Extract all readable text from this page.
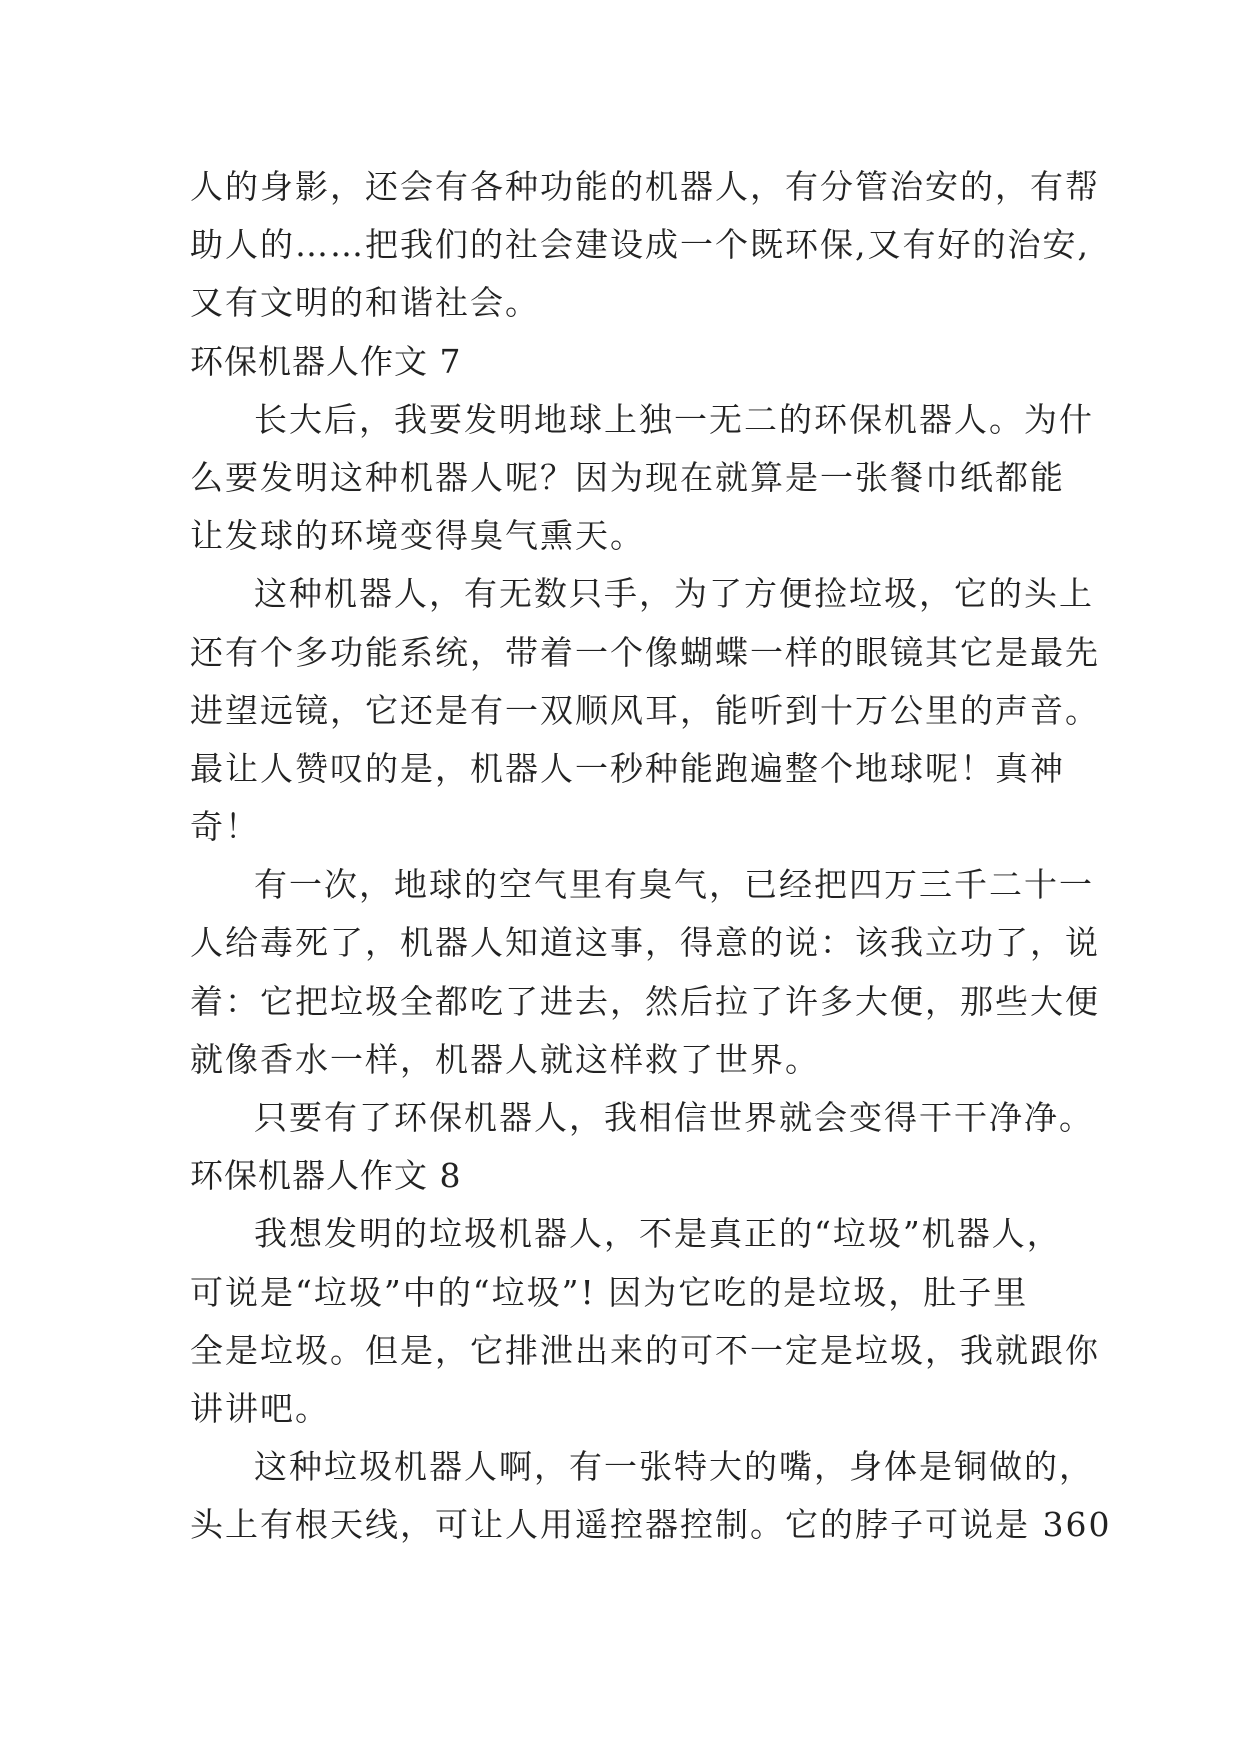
人的身影，还会有各种功能的机器人，有分管治安的，有帮
助人的……把我们的社会建设成一个既环保,又有好的治安,
又有文明的和谐社会。
环保机器人作文 7
长大后，我要发明地球上独一无二的环保机器人。为什
么要发明这种机器人呢？因为现在就算是一张餐巾纸都能
让发球的环境变得臭气熏天。
这种机器人，有无数只手，为了方便捡垃圾，它的头上
还有个多功能系统，带着一个像蝴蝶一样的眼镜其它是最先
进望远镜，它还是有一双顺风耳，能听到十万公里的声音。
最让人赞叹的是，机器人一秒种能跑遍整个地球呢！真神
奇！
有一次，地球的空气里有臭气，已经把四万三千二十一
人给毒死了，机器人知道这事，得意的说：该我立功了，说
着：它把垃圾全都吃了进去，然后拉了许多大便，那些大便
就像香水一样，机器人就这样救了世界。
只要有了环保机器人，我相信世界就会变得干干净净。
环保机器人作文 8
我想发明的垃圾机器人，不是真正的“垃圾”机器人，
可说是“垃圾”中的“垃圾”! 因为它吃的是垃圾，肚子里
全是垃圾。但是，它排泄出来的可不一定是垃圾，我就跟你
讲讲吧。
这种垃圾机器人啊，有一张特大的嘴，身体是铜做的，
头上有根天线，可让人用遥控器控制。它的脖子可说是 360
